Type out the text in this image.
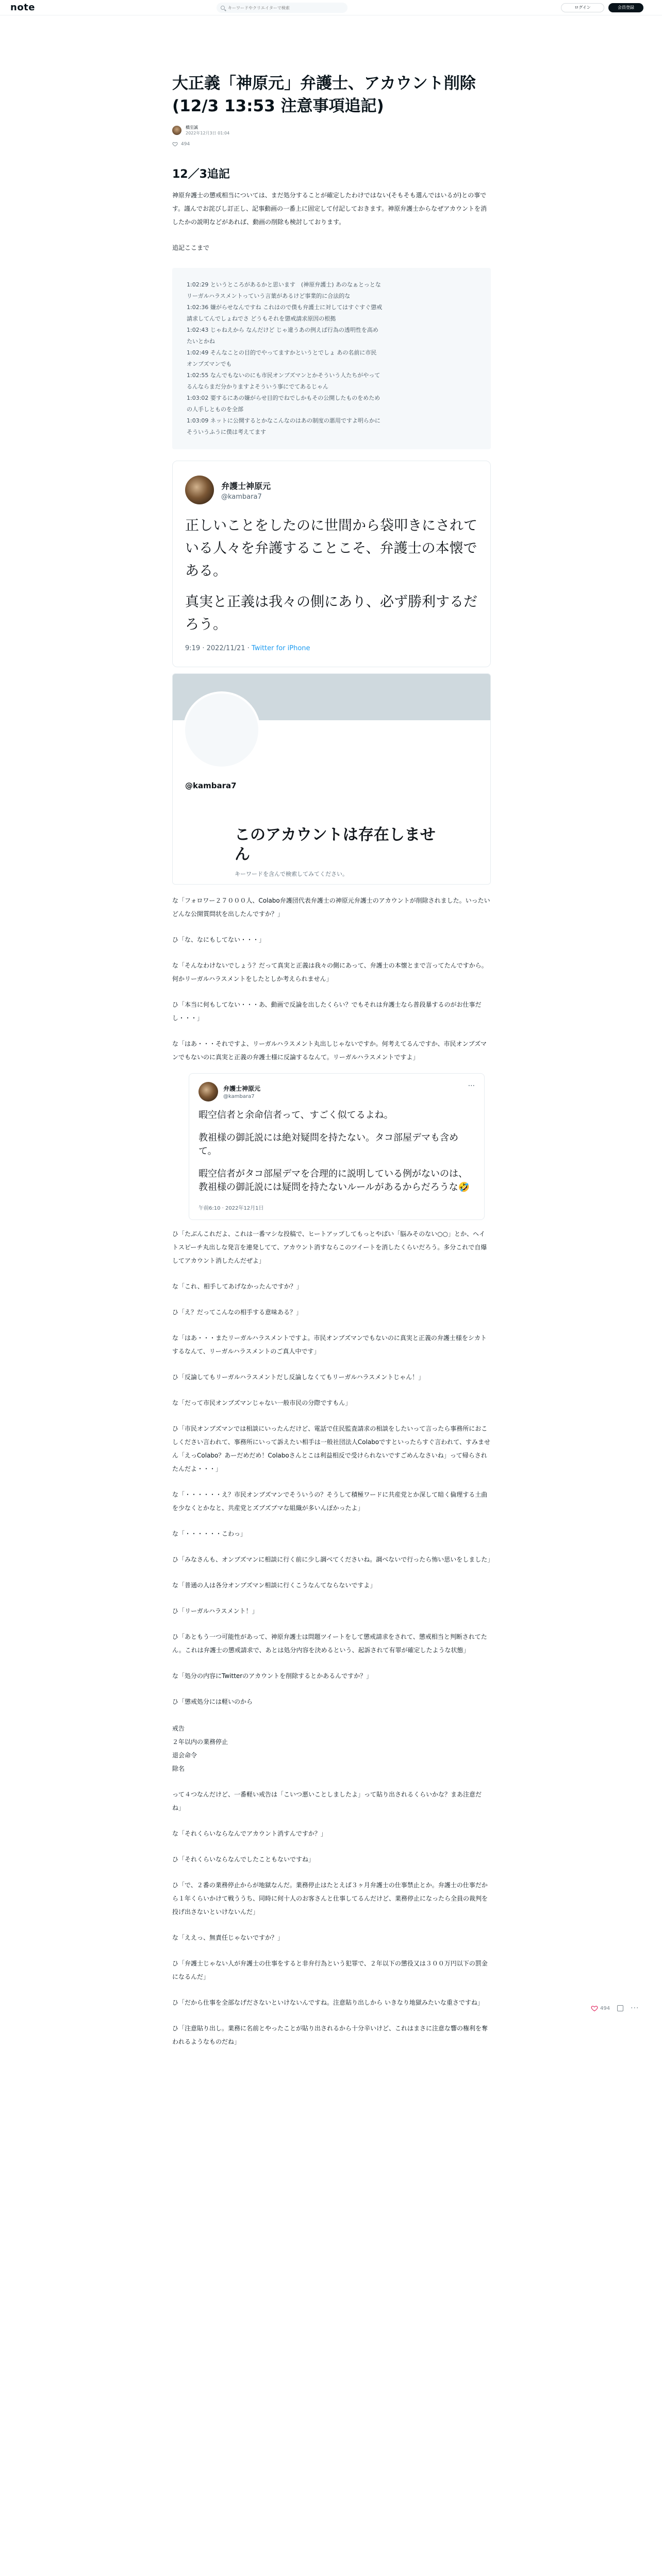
note
キーワードやクリエイターで検索	ログイン	会員登録
大正義「神原元」弁護士、アカウント削除(12/3 13:53 注意事項追記)
橋至誠
2022年12月3日 01:04
494
12／3追記

神原弁護士の懲戒相当については、まだ処分することが確定したわけではない(そもそも選んではいるが)との事です。謹んでお詫びし訂正し、記事動画の一番上に固定して付記しておきます。神原弁護士からなぜアカウントを消したかの説明などがあれば、動画の削除も検討しております。

追記ここまで

1:02:29 というところがあるかと思います　(神原弁護士) あのなぁとっとな
リーガルハラスメントっていう言葉があるけど事業的に合法的な
1:02:36 嫌がらせなんですね これはので僕も弁護士に対してはすぐすぐ懲戒
請求してんでしょねでさ どうもそれを懲戒請求原因の根拠
1:02:43 じゃねえから なんだけど じゃ違うあの例えば行為の透明性を高め
たいとかね
1:02:49 そんなことの目的でやってますかというとでしょ あの名前に市民
オンブズマンでも
1:02:55 なんでもないのにも市民オンブズマンとかそういう人たちがやって
るんならまだ分かりますよそういう事にでてあるじゃん
1:03:02 要するにあの嫌がらせ目的でねでしかもその公開したものをめため
の人手しとものを全部
1:03:09 ネットに公開するとかなこんなのはあの制度の悪用ですよ明らかに
そういうふうに僕は考えてます
弁護士神原元
@kambara7

正しいことをしたのに世間から袋叩きにされている人々を弁護することこそ、弁護士の本懐である。

真実と正義は我々の側にあり、必ず勝利するだろう。

9:19 · 2022/11/21 · Twitter for iPhone
@kambara7
このアカウントは存在しません
キーワードを含んで検索してみてください。

な「フォロワー２７０００人、Colabo弁護団代表弁護士の神原元弁護士のアカウントが削除されました。いったいどんな公開質問状を出したんですか？」

ひ「な、なにもしてない・・・」

な「そんなわけないでしょう？だって真実と正義は我々の側にあって、弁護士の本懐とまで言ってたんですから。何かリーガルハラスメントをしたとしか考えられません」

ひ「本当に何もしてない・・・あ、動画で反論を出したくらい？でもそれは弁護士なら普段暴するのがお仕事だし・・・」

な「はあ・・・それですよ、リーガルハラスメント丸出しじゃないですか。何考えてるんですか、市民オンブズマンでもないのに真実と正義の弁護士様に反論するなんて。リーガルハラスメントですよ」

弁護士神原元
@kambara7
···

暇空信者と余命信者って、すごく似てるよね。

教祖様の御託説には絶対疑問を持たない。タコ部屋デマも含めて。

暇空信者がタコ部屋デマを合理的に説明している例がないのは、教祖様の御託説には疑問を持たないルールがあるからだろうな🤣

午前6:10 · 2022年12月1日

ひ「たぶんこれだよ、これは一番マシな投稿で、ヒートアップしてもっとやばい「脳みそのない○○」とか、ヘイトスピーチ丸出しな発言を連発してて、アカウント消すならこのツイートを消したくらいだろう。多分これで自爆してアカウント消したんだぜよ」

な「これ、相手してあげなかったんですか？」

ひ「え？だってこんなの相手する意味ある？」

な「はあ・・・またリーガルハラスメントですよ。市民オンブズマンでもないのに真実と正義の弁護士様をシカトするなんて、リーガルハラスメントのご真人中です」

ひ「反論してもリーガルハラスメントだし反論しなくてもリーガルハラスメントじゃん！」

な「だって市民オンブズマンじゃない一般市民の分際ですもん」

ひ「市民オンブズマンでは相談にいったんだけど、電話で住民監査請求の相談をしたいって言ったら事務所におこしください言われて、事務所にいって訴えたい相手は一般社団法人Colaboですといったらすぐ言われて、すみません「えっColabo？あーだめだめ！Colaboさんとこは利益相反で受けられないですごめんなさいね」って帰らされたんだよ・・・」

な「・・・・・・え？市民オンブズマンでそういうの？そうして積極ワードに共産党とか深して暗く倫理する土曲を少なくとかなと、共産党とズブズブマな組織が多いんぽかったよ」

な「・・・・・・こわっ」

ひ「みなさんも、オンブズマンに相談に行く前に少し調べてくださいね。調べないで行ったら怖い思いをしました」

な「普通の人は各分オンブズマン相談に行くこうなんてならないですよ」

ひ「リーガルハラスメント！」

ひ「あともう一つ可能性があって、神原弁護士は問題ツイートをして懲戒請求をされて、懲戒相当と判断されてたん。これは弁護士の懲戒請求で、あとは処分内容を決めるという、起訴されて有罪が確定したような状態」

な「処分の内容にTwitterのアカウントを削除するとかあるんですか？」

ひ「懲戒処分には軽いのから

戒告

２年以内の業務停止

退会命令

除名

って４つなんだけど、一番軽い戒告は「こいつ悪いことしましたよ」って貼り出されるくらいかな？まあ注意だね」

な「それくらいならなんでアカウント消すんですか？」

ひ「それくらいならなんでしたこともないですね」

ひ「で、２番の業務停止からが地獄なんだ。業務停止はたとえば３ヶ月弁護士の仕事禁止とか。弁護士の仕事だから１年くらいかけて戦ううち、同時に何十人のお客さんと仕事してるんだけど、業務停止になったら全員の裁判を投げ出さないといけないんだ」

な「ええっ、無責任じゃないですか？」

ひ「弁護士じゃない人が弁護士の仕事をすると非弁行為という犯罪で、２年以下の懲役又は３００万円以下の罰金になるんだ」

ひ「だから仕事を全部なげださないといけないんですね。注意貼り出しから いきなり地獄みたいな重さですね」

ひ「注意貼り出し。業務に名前とやったことが貼り出されるから十分辛いけど、これはまさに注意な響の権利を奪われるようなものだね」

494	···
